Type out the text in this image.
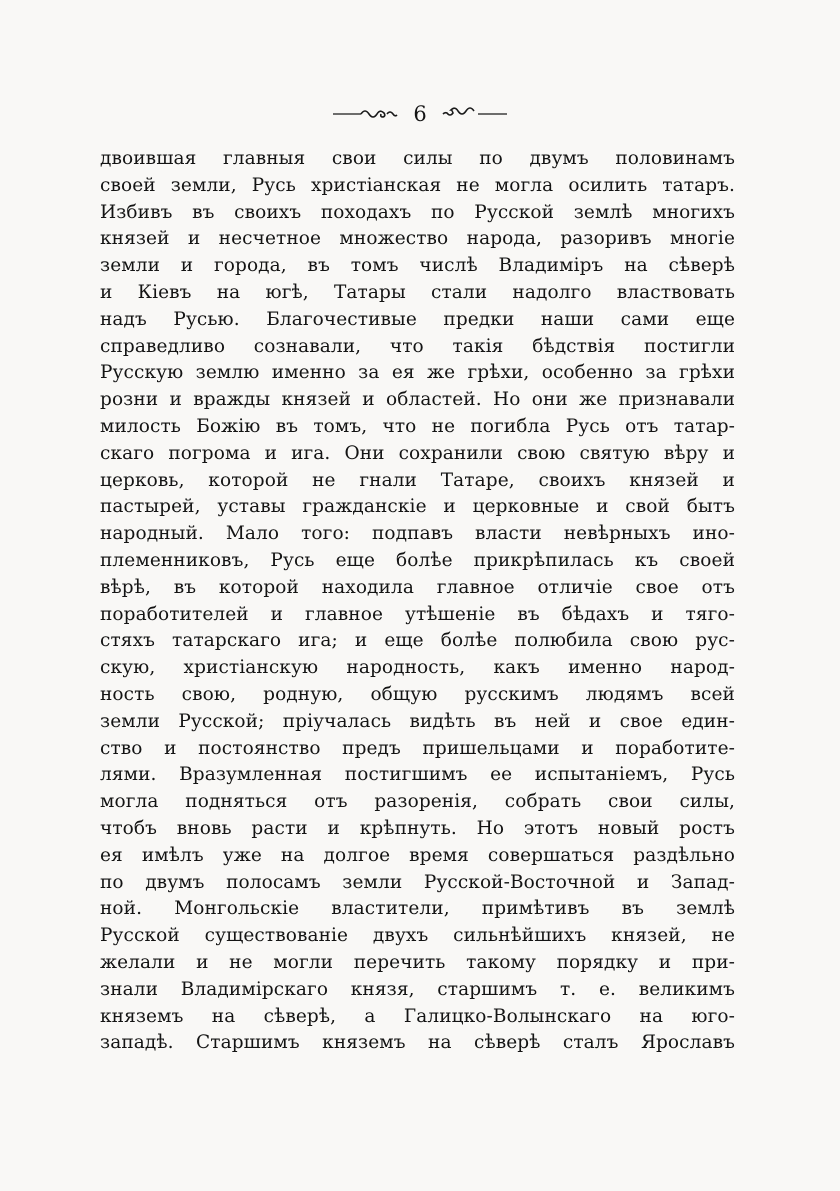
6
двоившая главныя свои силы по двумъ половинамъ
своей земли, Русь христіанская не могла осилить татаръ.
Избивъ въ своихъ походахъ по Русской землѣ многихъ
князей и несчетное множество народа, разоривъ многіе
земли и города, въ томъ числѣ Владиміръ на сѣверѣ
и Кіевъ на югѣ, Татары стали надолго властвовать
надъ Русью. Благочестивые предки наши сами еще
справедливо сознавали, что такія бѣдствія постигли
Русскую землю именно за ея же грѣхи, особенно за грѣхи
розни и вражды князей и областей. Но они же признавали
милость Божію въ томъ, что не погибла Русь отъ татар-
скаго погрома и ига. Они сохранили свою святую вѣру и
церковь, которой не гнали Татаре, своихъ князей и
пастырей, уставы гражданскіе и церковные и свой бытъ
народный. Мало того: подпавъ власти невѣрныхъ ино-
племенниковъ, Русь еще болѣе прикрѣпилась къ своей
вѣрѣ, въ которой находила главное отличіе свое отъ
поработителей и главное утѣшеніе въ бѣдахъ и тяго-
стяхъ татарскаго ига; и еще болѣе полюбила свою рус-
скую, христіанскую народность, какъ именно народ-
ность свою, родную, общую русскимъ людямъ всей
земли Русской; пріучалась видѣть въ ней и свое един-
ство и постоянство предъ пришельцами и поработите-
лями. Вразумленная постигшимъ ее испытаніемъ, Русь
могла подняться отъ разоренія, собрать свои силы,
чтобъ вновь расти и крѣпнуть. Но этотъ новый ростъ
ея имѣлъ уже на долгое время совершаться раздѣльно
по двумъ полосамъ земли Русской-Восточной и Запад-
ной. Монгольскіе властители, примѣтивъ въ землѣ
Русской существованіе двухъ сильнѣйшихъ князей, не
желали и не могли перечить такому порядку и при-
знали Владимірскаго князя, старшимъ т. е. великимъ
княземъ на сѣверѣ, а Галицко-Волынскаго на юго-
западѣ. Старшимъ княземъ на сѣверѣ сталъ Ярославъ
